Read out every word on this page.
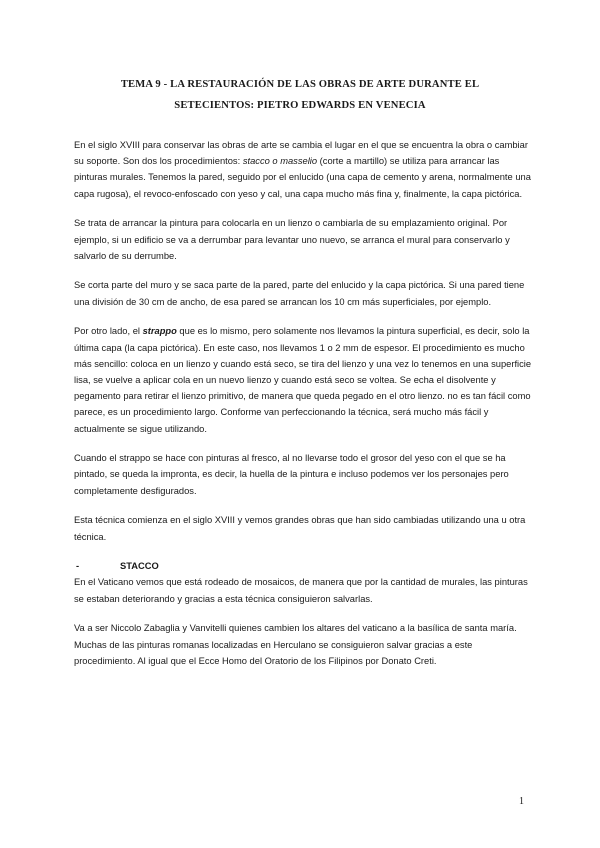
TEMA 9 - LA RESTAURACIÓN DE LAS OBRAS DE ARTE DURANTE EL
SETECIENTOS: PIETRO EDWARDS EN VENECIA

En el siglo XVIII para conservar las obras de arte se cambia el lugar en el que se encuentra la obra o cambiar su soporte. Son dos los procedimientos: stacco o masselio (corte a martillo) se utiliza para arrancar las pinturas murales. Tenemos la pared, seguido por el enlucido (una capa de cemento y arena, normalmente una capa rugosa), el revoco-enfoscado con yeso y cal, una capa mucho más fina y, finalmente, la capa pictórica.

Se trata de arrancar la pintura para colocarla en un lienzo o cambiarla de su emplazamiento original. Por ejemplo, si un edificio se va a derrumbar para levantar uno nuevo, se arranca el mural para conservarlo y salvarlo de su derrumbe.

Se corta parte del muro y se saca parte de la pared, parte del enlucido y la capa pictórica. Si una pared tiene una división de 30 cm de ancho, de esa pared se arrancan los 10 cm más superficiales, por ejemplo.

Por otro lado, el strappo que es lo mismo, pero solamente nos llevamos la pintura superficial, es decir, solo la última capa (la capa pictórica). En este caso, nos llevamos 1 o 2 mm de espesor. El procedimiento es mucho más sencillo: coloca en un lienzo y cuando está seco, se tira del lienzo y una vez lo tenemos en una superficie lisa, se vuelve a aplicar cola en un nuevo lienzo y cuando está seco se voltea. Se echa el disolvente y pegamento para retirar el lienzo primitivo, de manera que queda pegado en el otro lienzo. no es tan fácil como parece, es un procedimiento largo. Conforme van perfeccionando la técnica, será mucho más fácil y actualmente se sigue utilizando.

Cuando el strappo se hace con pinturas al fresco, al no llevarse todo el grosor del yeso con el que se ha pintado, se queda la impronta, es decir, la huella de la pintura e incluso podemos ver los personajes pero completamente desfigurados.

Esta técnica comienza en el siglo XVIII y vemos grandes obras que han sido cambiadas utilizando una u otra técnica.

-	STACCO

En el Vaticano vemos que está rodeado de mosaicos, de manera que por la cantidad de murales, las pinturas se estaban deteriorando y gracias a esta técnica consiguieron salvarlas.

Va a ser Niccolo Zabaglia y Vanvitelli quienes cambien los altares del vaticano a la basílica de santa maría. Muchas de las pinturas romanas localizadas en Herculano se consiguieron salvar gracias a este procedimiento. Al igual que el Ecce Homo del Oratorio de los Filipinos por Donato Creti.

1
